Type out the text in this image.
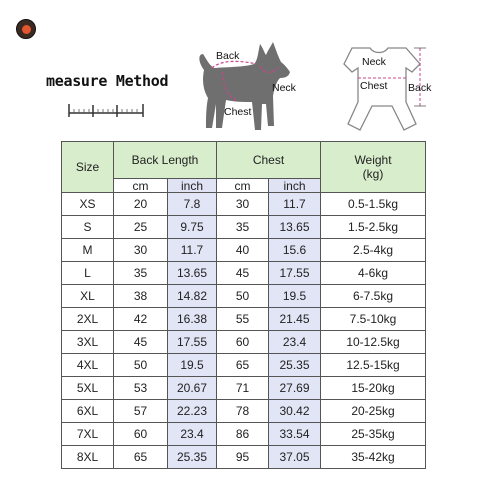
measure Method
Back
Neck
Chest
Neck
Chest Back
Size	Back Length		Chest		Weight
(kg)
	cm	inch	cm	inch	
XS	20	7.8	30	11.7	0.5-1.5kg
S	25	9.75	35	13.65	1.5-2.5kg
M	30	11.7	40	15.6	2.5-4kg
L	35	13.65	45	17.55	4-6kg
XL	38	14.82	50	19.5	6-7.5kg
2XL	42	16.38	55	21.45	7.5-10kg
3XL	45	17.55	60	23.4	10-12.5kg
4XL	50	19.5	65	25.35	12.5-15kg
5XL	53	20.67	71	27.69	15-20kg
6XL	57	22.23	78	30.42	20-25kg
7XL	60	23.4	86	33.54	25-35kg
8XL	65	25.35	95	37.05	35-42kg
